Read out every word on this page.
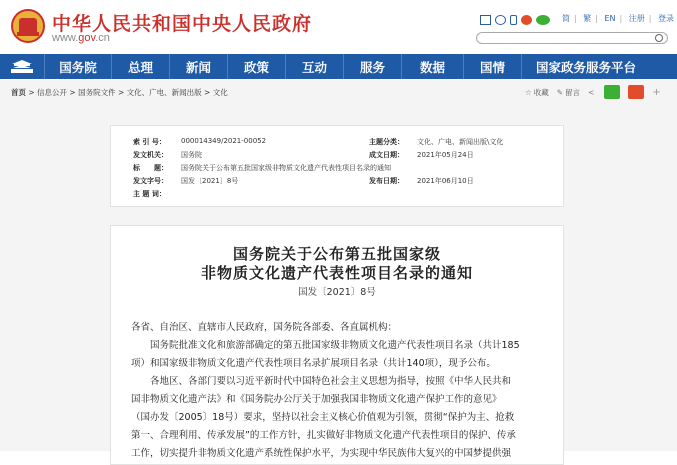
中华人民共和国中央人民政府
www.gov.cn
简 | 繁 | EN | 注册 | 登录
国务院	总理	新闻	政策	互动	服务	数据	国情	国家政务服务平台
首页 > 信息公开 > 国务院文件 > 文化、广电、新闻出版 > 文化	☆ 收藏 ✎ 留言 <	+
索 引 号： 000014349/2021-00052	主题分类： 文化、广电、新闻出版\文化
发文机关： 国务院	成文日期： 2021年05月24日
标　　题： 国务院关于公布第五批国家级非物质文化遗产代表性项目名录的通知
发文字号： 国发〔2021〕8号	发布日期： 2021年06月10日
主 题 词：
国务院关于公布第五批国家级
非物质文化遗产代表性项目名录的通知
国发〔2021〕8号
各省、自治区、直辖市人民政府，国务院各部委、各直属机构：
　　国务院批准文化和旅游部确定的第五批国家级非物质文化遗产代表性项目名录（共计185
项）和国家级非物质文化遗产代表性项目名录扩展项目名录（共计140项），现予公布。
　　各地区、各部门要以习近平新时代中国特色社会主义思想为指导，按照《中华人民共和
国非物质文化遗产法》和《国务院办公厅关于加强我国非物质文化遗产保护工作的意见》
（国办发〔2005〕18号）要求，坚持以社会主义核心价值观为引领，贯彻“保护为主、抢救
第一、合理利用、传承发展”的工作方针，扎实做好非物质文化遗产代表性项目的保护、传承
工作，切实提升非物质文化遗产系统性保护水平，为实现中华民族伟大复兴的中国梦提供强
